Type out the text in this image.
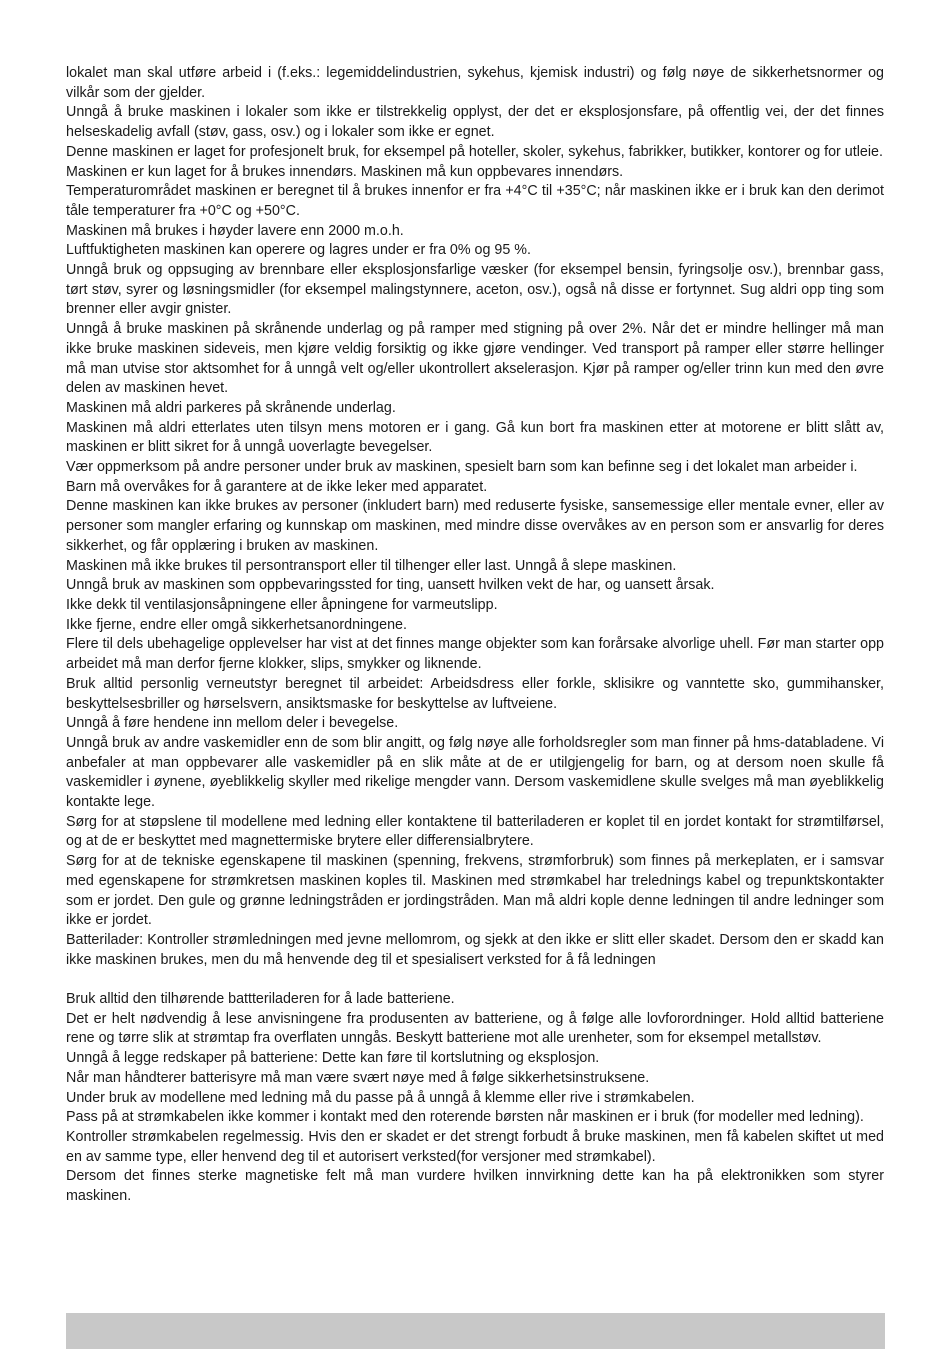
lokalet man skal utføre arbeid i (f.eks.: legemiddelindustrien, sykehus, kjemisk industri) og følg nøye de sikkerhetsnormer og vilkår som der gjelder.

Unngå å bruke maskinen i lokaler som ikke er tilstrekkelig opplyst, der det er eksplosjonsfare, på offentlig vei, der det finnes helseskadelig avfall (støv, gass, osv.) og i lokaler som ikke er egnet.

Denne maskinen er laget for profesjonelt bruk, for eksempel på hoteller, skoler, sykehus, fabrikker, butikker, kontorer og for utleie.

Maskinen er kun laget for å brukes innendørs. Maskinen må kun oppbevares innendørs.

Temperaturområdet maskinen er beregnet til å brukes innenfor er fra +4°C til +35°C; når maskinen ikke er i bruk kan den derimot tåle temperaturer fra +0°C og +50°C.

Maskinen må brukes i høyder lavere enn 2000 m.o.h.

Luftfuktigheten maskinen kan operere og lagres under er fra 0% og 95 %.

Unngå bruk og oppsuging av brennbare eller eksplosjonsfarlige væsker (for eksempel bensin, fyringsolje osv.), brennbar gass, tørt støv, syrer og løsningsmidler (for eksempel malingstynnere, aceton, osv.), også nå disse er fortynnet. Sug aldri opp ting som brenner eller avgir gnister.

Unngå å bruke maskinen på skrånende underlag og på ramper med stigning på over 2%. Når det er mindre hellinger må man ikke bruke maskinen sideveis, men kjøre veldig forsiktig og ikke gjøre vendinger. Ved transport på ramper eller større hellinger må man utvise stor aktsomhet for å unngå velt og/eller ukontrollert akselerasjon. Kjør på ramper og/eller trinn kun med den øvre delen av maskinen hevet.

Maskinen må aldri parkeres på skrånende underlag.

Maskinen må aldri etterlates uten tilsyn mens motoren er i gang. Gå kun bort fra maskinen etter at motorene er blitt slått av, maskinen er blitt sikret for å unngå uoverlagte bevegelser.

Vær oppmerksom på andre personer under bruk av maskinen, spesielt barn som kan befinne seg i det lokalet man arbeider i.

Barn må overvåkes for å garantere at de ikke leker med apparatet.

Denne maskinen kan ikke brukes av personer (inkludert barn) med reduserte fysiske, sansemessige eller mentale evner, eller av personer som mangler erfaring og kunnskap om maskinen, med mindre disse overvåkes av en person som er ansvarlig for deres sikkerhet, og får opplæring i bruken av maskinen.

Maskinen må ikke brukes til persontransport eller til tilhenger eller last. Unngå å slepe maskinen.

Unngå bruk av maskinen som oppbevaringssted for ting, uansett hvilken vekt de har, og uansett årsak.

Ikke dekk til ventilasjonsåpningene eller åpningene for varmeutslipp.

Ikke fjerne, endre eller omgå sikkerhetsanordningene.

Flere til dels ubehagelige opplevelser har vist at det finnes mange objekter som kan forårsake alvorlige uhell. Før man starter opp arbeidet må man derfor fjerne klokker, slips, smykker og liknende.

Bruk alltid personlig verneutstyr beregnet til arbeidet: Arbeidsdress eller forkle, sklisikre og vanntette sko, gummihansker, beskyttelsesbriller og hørselsvern, ansiktsmaske for beskyttelse av luftveiene.

Unngå å føre hendene inn mellom deler i bevegelse.

Unngå bruk av andre vaskemidler enn de som blir angitt, og følg nøye alle forholdsregler som man finner på hms-databladene. Vi anbefaler at man oppbevarer alle vaskemidler på en slik måte at de er utilgjengelig for barn, og at dersom noen skulle få vaskemidler i øynene, øyeblikkelig skyller med rikelige mengder vann. Dersom vaskemidlene skulle svelges må man øyeblikkelig kontakte lege.

Sørg for at støpslene til modellene med ledning eller kontaktene til batteriladeren er koplet til en jordet kontakt for strømtilførsel, og at de er beskyttet med magnettermiske brytere eller differensialbrytere.

Sørg for at de tekniske egenskapene til maskinen (spenning, frekvens, strømforbruk) som finnes på merkeplaten, er i samsvar med egenskapene for strømkretsen maskinen koples til. Maskinen med strømkabel har trelednings kabel og trepunktskontakter som er jordet. Den gule og grønne ledningstråden er jordingstråden. Man må aldri kople denne ledningen til andre ledninger som ikke er jordet.

Batterilader: Kontroller strømledningen med jevne mellomrom, og sjekk at den ikke er slitt eller skadet. Dersom den er skadd kan ikke maskinen brukes, men du må henvende deg til et spesialisert verksted for å få ledningen

Bruk alltid den tilhørende battteriladeren for å lade batteriene.

Det er helt nødvendig å lese anvisningene fra produsenten av batteriene, og å følge alle lovforordninger. Hold alltid batteriene rene og tørre slik at strømtap fra overflaten unngås. Beskytt batteriene mot alle urenheter, som for eksempel metallstøv.

Unngå å legge redskaper på batteriene: Dette kan føre til kortslutning og eksplosjon.

Når man håndterer batterisyre må man være svært nøye med å følge sikkerhetsinstruksene.

Under bruk av modellene med ledning må du passe på å unngå å klemme eller rive i strømkabelen.

Pass på at strømkabelen ikke kommer i kontakt med den roterende børsten når maskinen er i bruk (for modeller med ledning).

Kontroller strømkabelen regelmessig. Hvis den er skadet er det strengt forbudt å bruke maskinen, men få kabelen skiftet ut med en av samme type, eller henvend deg til et autorisert verksted(for versjoner med strømkabel).

Dersom det finnes sterke magnetiske felt må man vurdere hvilken innvirkning dette kan ha på elektronikken som styrer maskinen.
